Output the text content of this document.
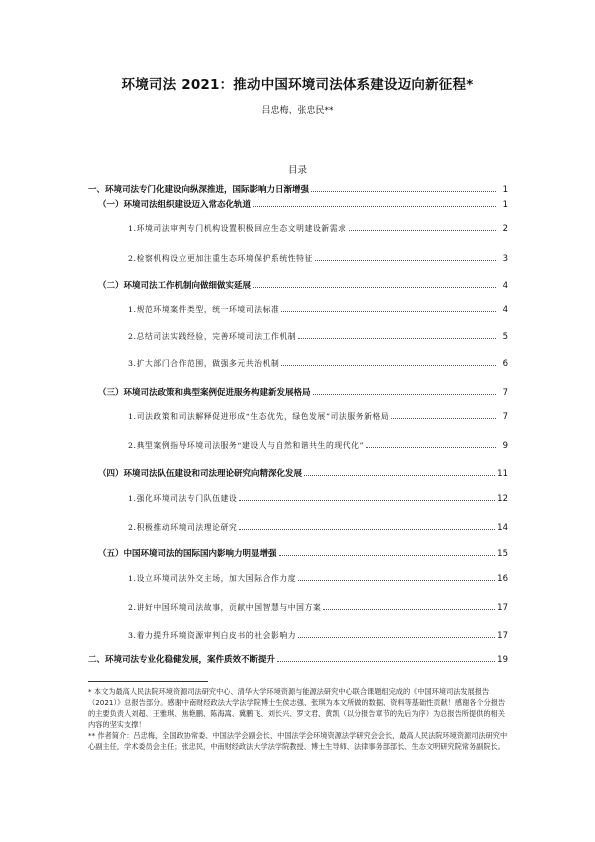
环境司法 2021：推动中国环境司法体系建设迈向新征程*
吕忠梅、张忠民**
目录
一、环境司法专门化建设向纵深推进，国际影响力日渐增强	1
（一）环境司法组织建设迈入常态化轨道	1
1.环境司法审判专门机构设置积极回应生态文明建设新需求	2
2.检察机构设立更加注重生态环境保护系统性特征	3
（二）环境司法工作机制向做细做实延展	4
1.规范环境案件类型，统一环境司法标准	4
2.总结司法实践经验，完善环境司法工作机制	5
3.扩大部门合作范围，做强多元共治机制	6
（三）环境司法政策和典型案例促进服务构建新发展格局	7
1.司法政策和司法解释促进形成“生态优先，绿色发展”司法服务新格局	7
2.典型案例指导环境司法服务“建设人与自然和谐共生的现代化”	9
（四）环境司法队伍建设和司法理论研究向精深化发展	11
1.强化环境司法专门队伍建设	12
2.积极推动环境司法理论研究	14
（五）中国环境司法的国际国内影响力明显增强	15
1.设立环境司法外交主场，加大国际合作力度	16
2.讲好中国环境司法故事，贡献中国智慧与中国方案	17
3.着力提升环境资源审判白皮书的社会影响力	17
二、环境司法专业化稳健发展，案件质效不断提升	19

* 本文为最高人民法院环境资源司法研究中心、清华大学环境资源与能源法研究中心联合课题组完成的《中国环境司法发展报告（2021）》总报告部分。感谢中南财经政法大学法学院博士生侯志强、张琪为本文所做的数据、资料等基础性贡献！感谢各个分报告的主要负责人刘超、王雅琪、焦艳鹏、陈海嵩、冀鹏飞、刘长兴、罗文君、黄凯（以分报告章节的先后为序）为总报告所提供的相关内容的坚实支撑！

** 作者简介：吕忠梅，全国政协常委、中国法学会副会长、中国法学会环境资源法学研究会会长，最高人民法院环境资源司法研究中心副主任，学术委员会主任；张忠民，中南财经政法大学法学院教授、博士生导师、法律事务部部长、生态文明研究院常务副院长。
